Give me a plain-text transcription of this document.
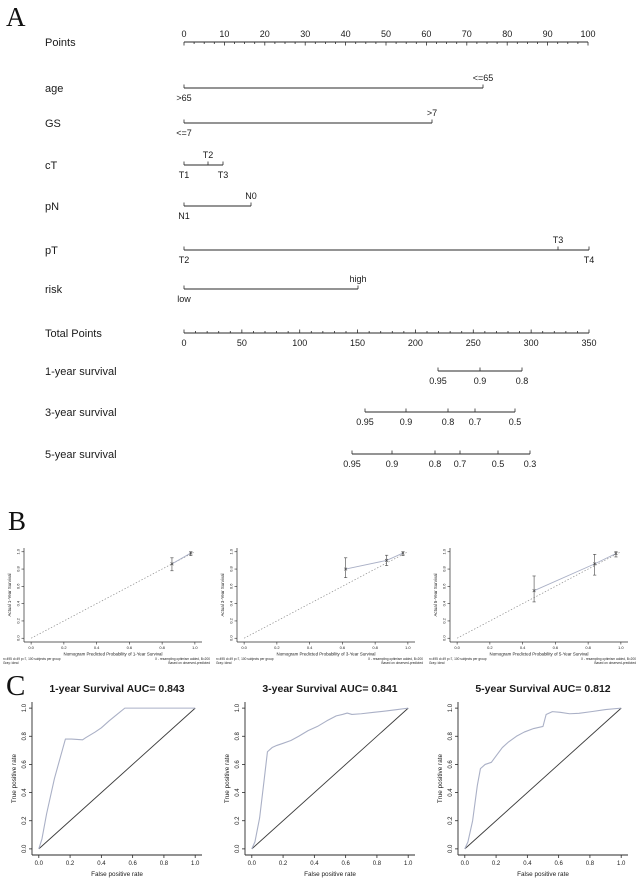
A
0	10	20	30	40	50	60	70	80	90	100
Points
age
>65
<=65
GS
<=7
>7
cT
T1
T2
T3
pN
N1
N0
pT
T2
T3
T4
risk
low
high
0	50	100	150	200	250	300	350
Total Points
1-year survival
0.95	0.9	0.8
3-year survival
0.95	0.9	0.8 0.7	0.5
5-year survival
0.95	0.9	0.8 0.7	0.5 0.3
B
0.0	0.2	0.4	0.6	0.8	1.0
0.0
0.2
0.4
0.6
0.8
1.0
Nomogram Predicted Probability of 1-Year Survival
Actual 1-Year Survival
n=495 d=49 p=7, 100 subjects per group
Gray: ideal
X - resampling optimism added, B=200
Based on observed-predicted
0.0	0.2	0.4	0.6	0.8	1.0
0.0
0.2
0.4
0.6
0.8
1.0
Nomogram Predicted Probability of 3-Year Survival
Actual 3-Year Survival
n=495 d=49 p=7, 100 subjects per group
Gray: ideal
X - resampling optimism added, B=200
Based on observed-predicted
0.0	0.2	0.4	0.6	0.8	1.0
0.0
0.2
0.4
0.6
0.8
1.0
Nomogram Predicted Probability of 5-Year Survival
Actual 5-Year Survival
n=495 d=49 p=7, 100 subjects per group
Gray: ideal
X - resampling optimism added, B=200
Based on observed-predicted
C 1-year Survival AUC= 0.843
0.0	0.2	0.4	0.6	0.8	1.0
0.0
0.2
0.4
0.6
0.8
1.0
False positive rate
True positive rate
3-year Survival AUC= 0.841
0.0	0.2	0.4	0.6	0.8	1.0
0.0
0.2
0.4
0.6
0.8
1.0
False positive rate
True positive rate
5-year Survival AUC= 0.812
0.0	0.2	0.4	0.6	0.8	1.0
0.0
0.2
0.4
0.6
0.8
1.0
False positive rate
True positive rate
